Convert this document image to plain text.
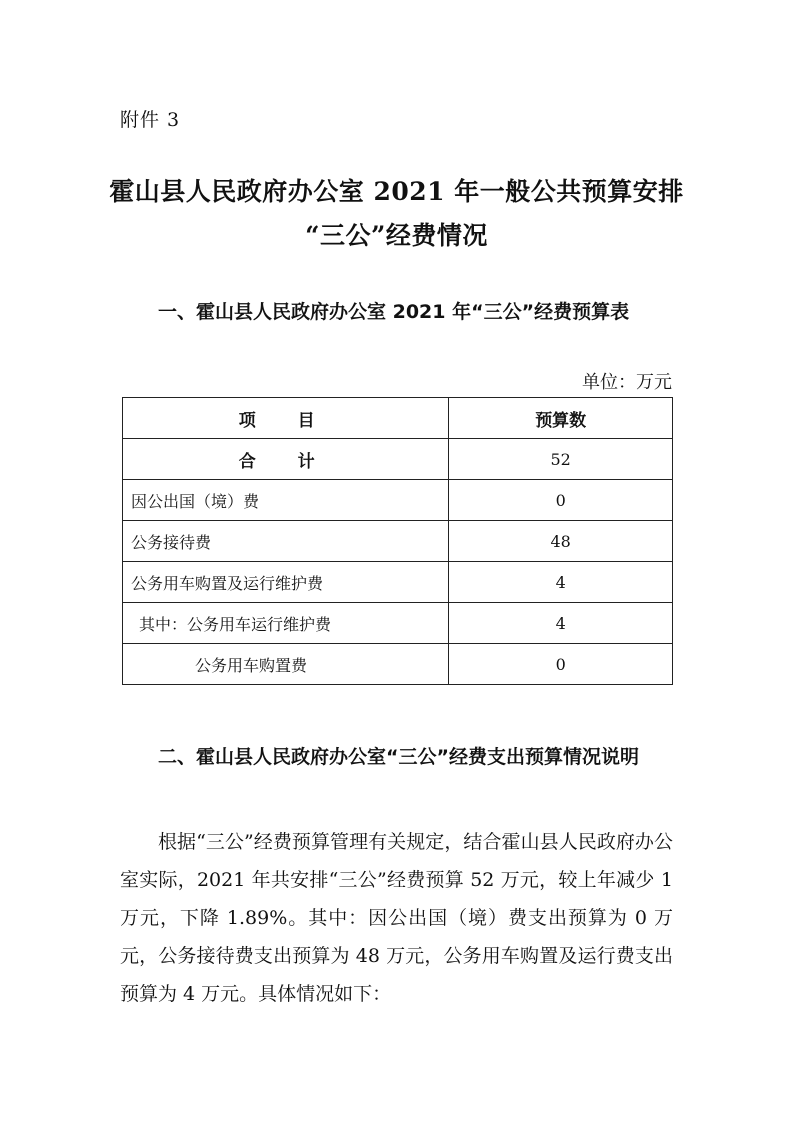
附件 3
霍山县人民政府办公室 2021 年一般公共预算安排
“三公”经费情况
一、霍山县人民政府办公室 2021 年“三公”经费预算表
单位：万元
项 目	预算数
合 计	52
因公出国（境）费	0
公务接待费	48
公务用车购置及运行维护费	4
其中：公务用车运行维护费	4
公务用车购置费	0
二、霍山县人民政府办公室“三公”经费支出预算情况说明
根据“三公”经费预算管理有关规定，结合霍山县人民政府办公室实际，2021 年共安排“三公”经费预算 52 万元，较上年减少 1 万元，下降 1.89%。其中：因公出国（境）费支出预算为 0 万元，公务接待费支出预算为 48 万元，公务用车购置及运行费支出预算为 4 万元。具体情况如下：
